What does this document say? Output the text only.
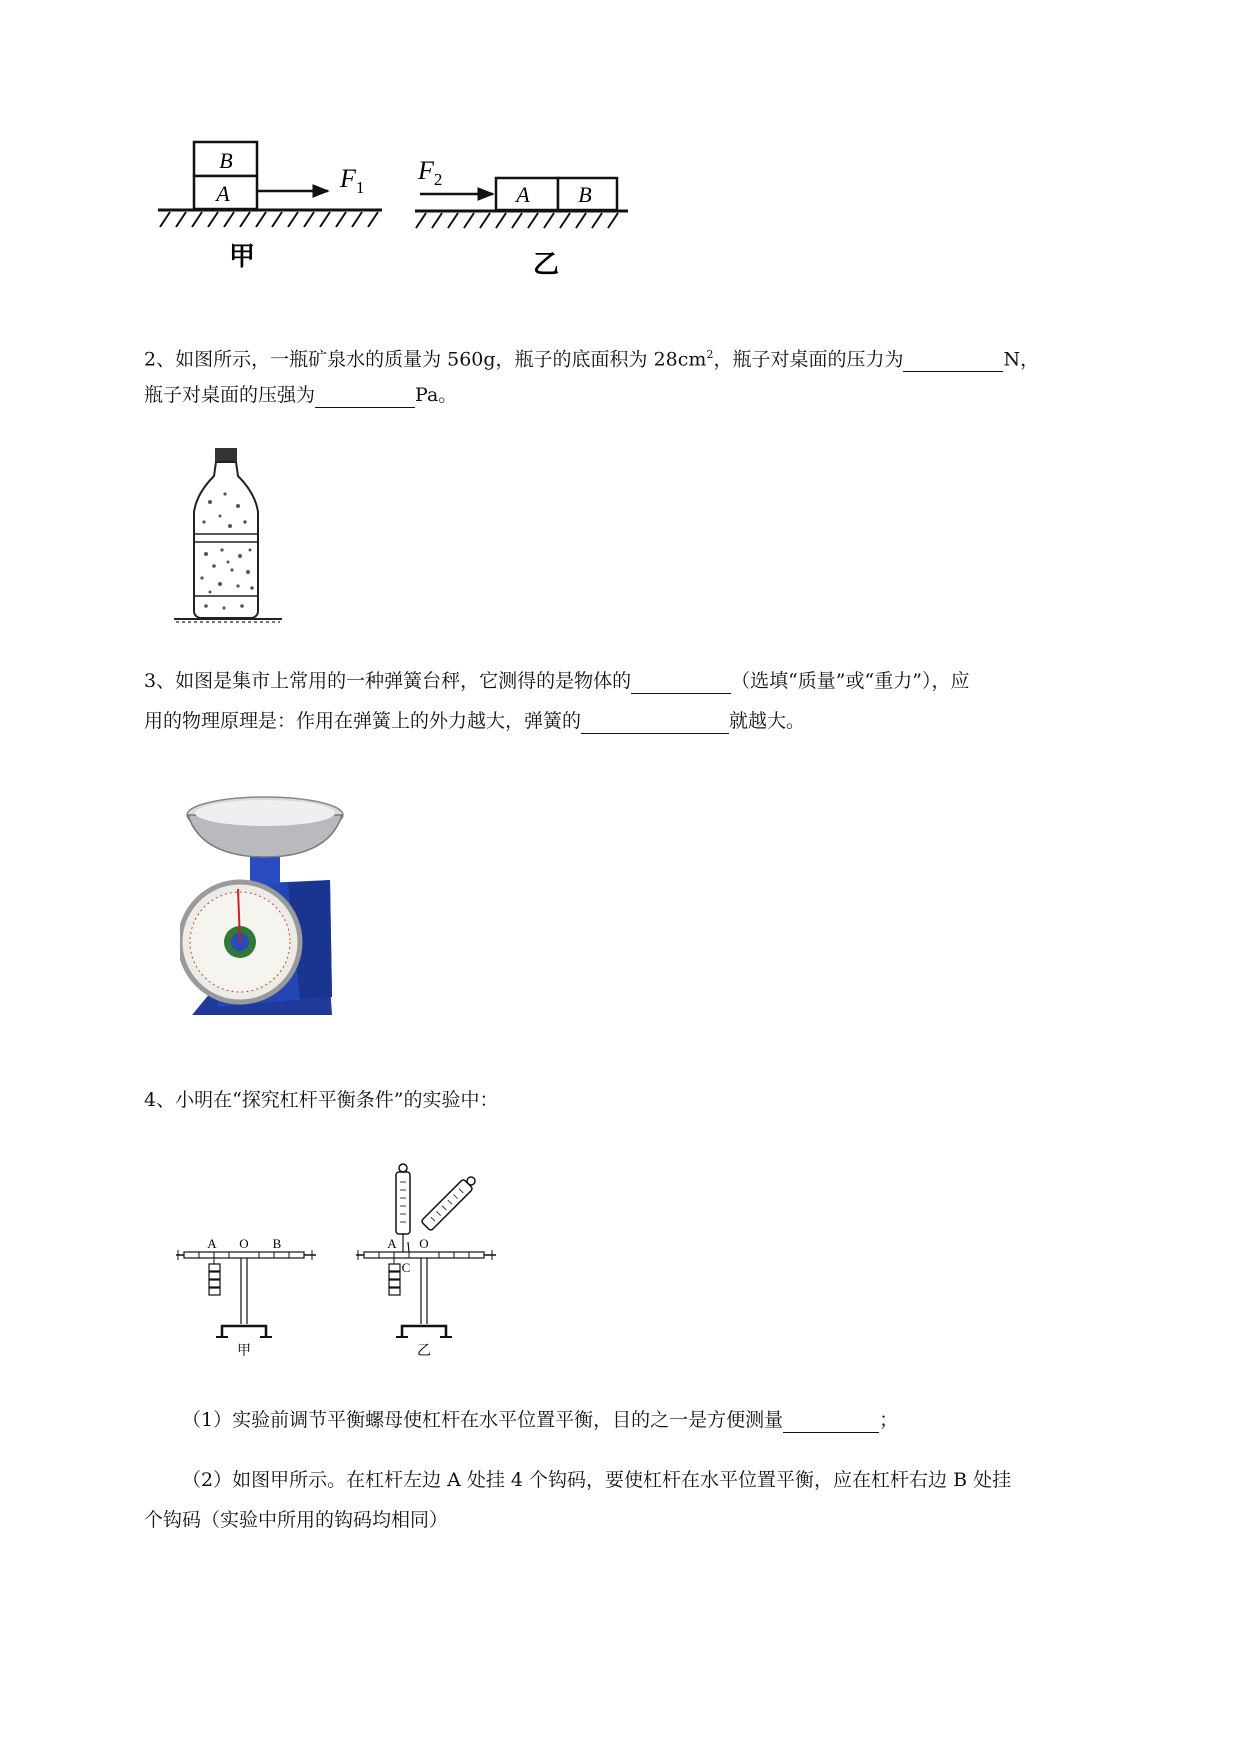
B
A
$F_1$
甲
$F_2$
A B
乙
2、如图所示，一瓶矿泉水的质量为 560g，瓶子的底面积为 $28cm^2$，瓶子对桌面的压力为	N，
瓶子对桌面的压强为	Pa。
3、如图是集市上常用的一种弹簧台秤，它测得的是物体的	（选填“质量”或“重力”），应
用的物理原理是：作用在弹簧上的外力越大，弹簧的	就越大。
4、小明在“探究杠杆平衡条件”的实验中：
A O B
甲
A O
C
乙
（1）实验前调节平衡螺母使杠杆在水平位置平衡，目的之一是方便测量	；
（2）如图甲所示。在杠杆左边 A 处挂 4 个钩码，要使杠杆在水平位置平衡，应在杠杆右边 B 处挂
个钩码（实验中所用的钩码均相同）
